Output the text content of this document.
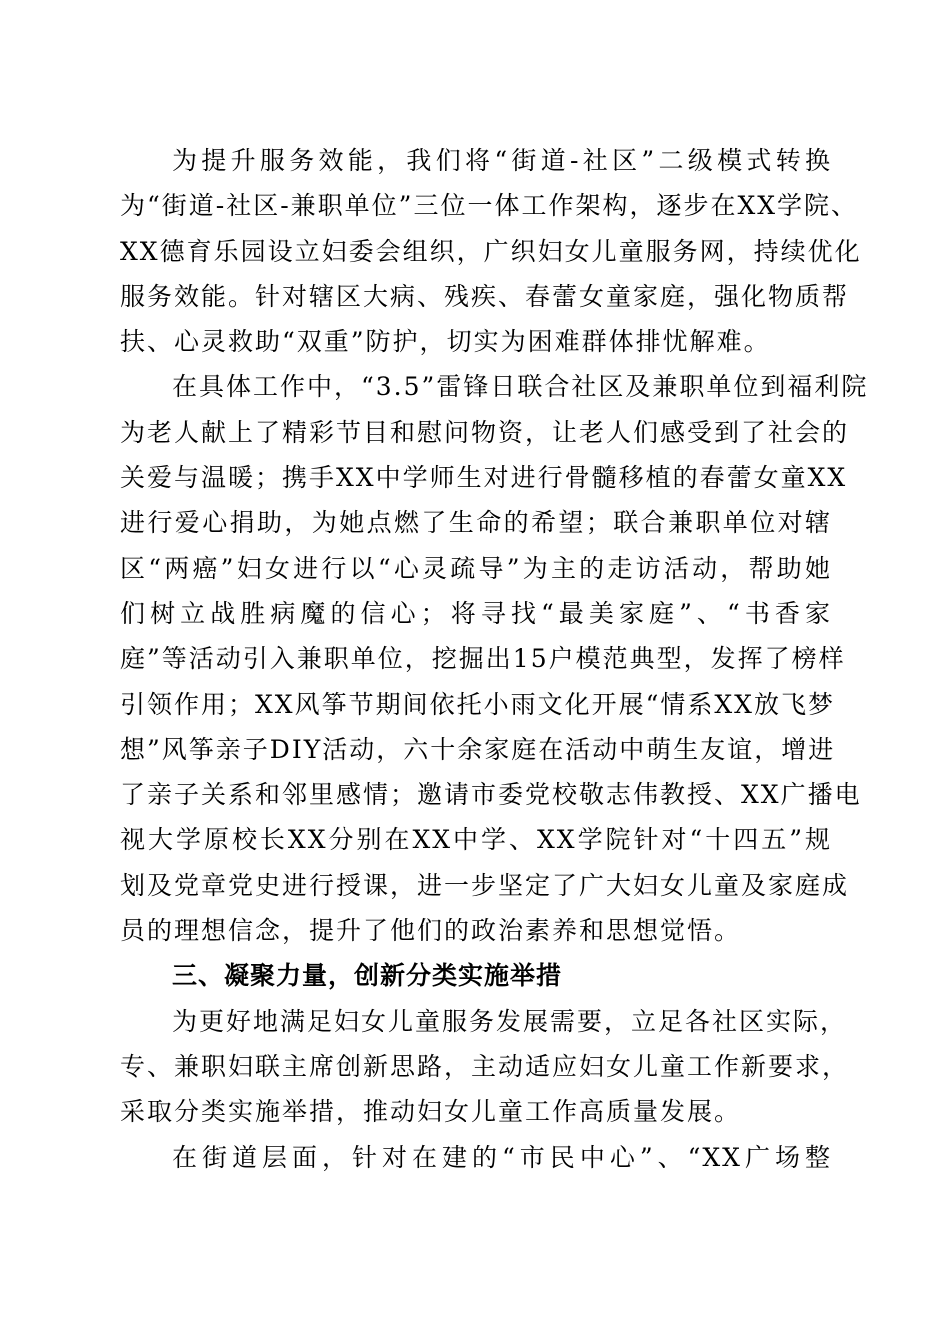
为提升服务效能，我们将“街道-社区”二级模式转换
为“街道-社区-兼职单位”三位一体工作架构，逐步在XX学院、
XX德育乐园设立妇委会组织，广织妇女儿童服务网，持续优化
服务效能。针对辖区大病、残疾、春蕾女童家庭，强化物质帮
扶、心灵救助“双重”防护，切实为困难群体排忧解难。
在具体工作中，“3.5”雷锋日联合社区及兼职单位到福利院
为老人献上了精彩节目和慰问物资，让老人们感受到了社会的
关爱与温暖；携手XX中学师生对进行骨髓移植的春蕾女童XX
进行爱心捐助，为她点燃了生命的希望；联合兼职单位对辖
区“两癌”妇女进行以“心灵疏导”为主的走访活动，帮助她
们树立战胜病魔的信心；将寻找“最美家庭”、“书香家
庭”等活动引入兼职单位，挖掘出15户模范典型，发挥了榜样
引领作用；XX风筝节期间依托小雨文化开展“情系XX放飞梦
想”风筝亲子DIY活动，六十余家庭在活动中萌生友谊，增进
了亲子关系和邻里感情；邀请市委党校敬志伟教授、XX广播电
视大学原校长XX分别在XX中学、XX学院针对“十四五”规
划及党章党史进行授课，进一步坚定了广大妇女儿童及家庭成
员的理想信念，提升了他们的政治素养和思想觉悟。
三、凝聚力量，创新分类实施举措
为更好地满足妇女儿童服务发展需要，立足各社区实际，
专、兼职妇联主席创新思路，主动适应妇女儿童工作新要求，
采取分类实施举措，推动妇女儿童工作高质量发展。
在街道层面，针对在建的“市民中心”、“XX广场整
